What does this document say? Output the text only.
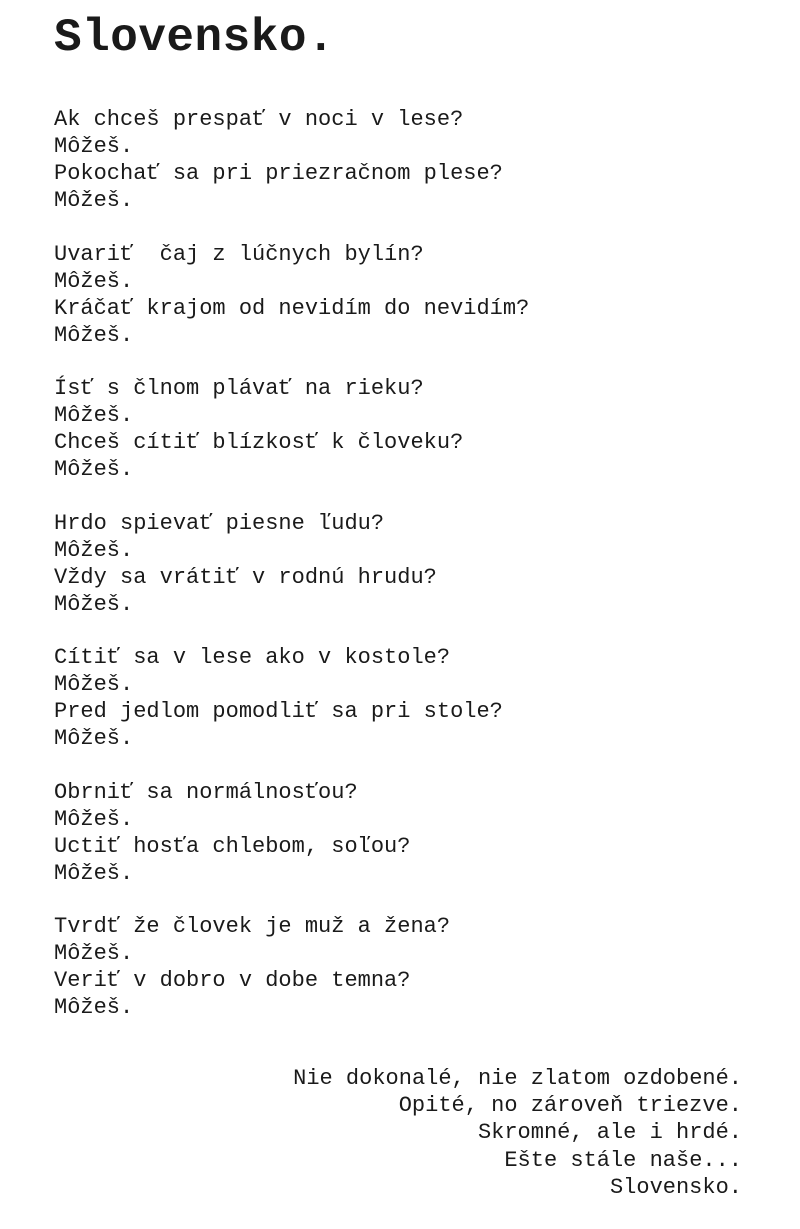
Slovensko.
Ak chceš prespať v noci v lese?
Môžeš.
Pokochať sa pri priezračnom plese?
Môžeš.
Uvariť  čaj z lúčnych bylín?
Môžeš.
Kráčať krajom od nevidím do nevidím?
Môžeš.
Ísť s člnom plávať na rieku?
Môžeš.
Chceš cítiť blízkosť k človeku?
Môžeš.
Hrdo spievať piesne ľudu?
Môžeš.
Vždy sa vrátiť v rodnú hrudu?
Môžeš.
Cítiť sa v lese ako v kostole?
Môžeš.
Pred jedlom pomodliť sa pri stole?
Môžeš.
Obrniť sa normálnosťou?
Môžeš.
Uctiť hosťa chlebom, soľou?
Môžeš.
Tvrdť že človek je muž a žena?
Môžeš.
Veriť v dobro v dobe temna?
Môžeš.
Nie dokonalé, nie zlatom ozdobené.
Opité, no zároveň triezve.
Skromné, ale i hrdé.
Ešte stále naše...
Slovensko.
